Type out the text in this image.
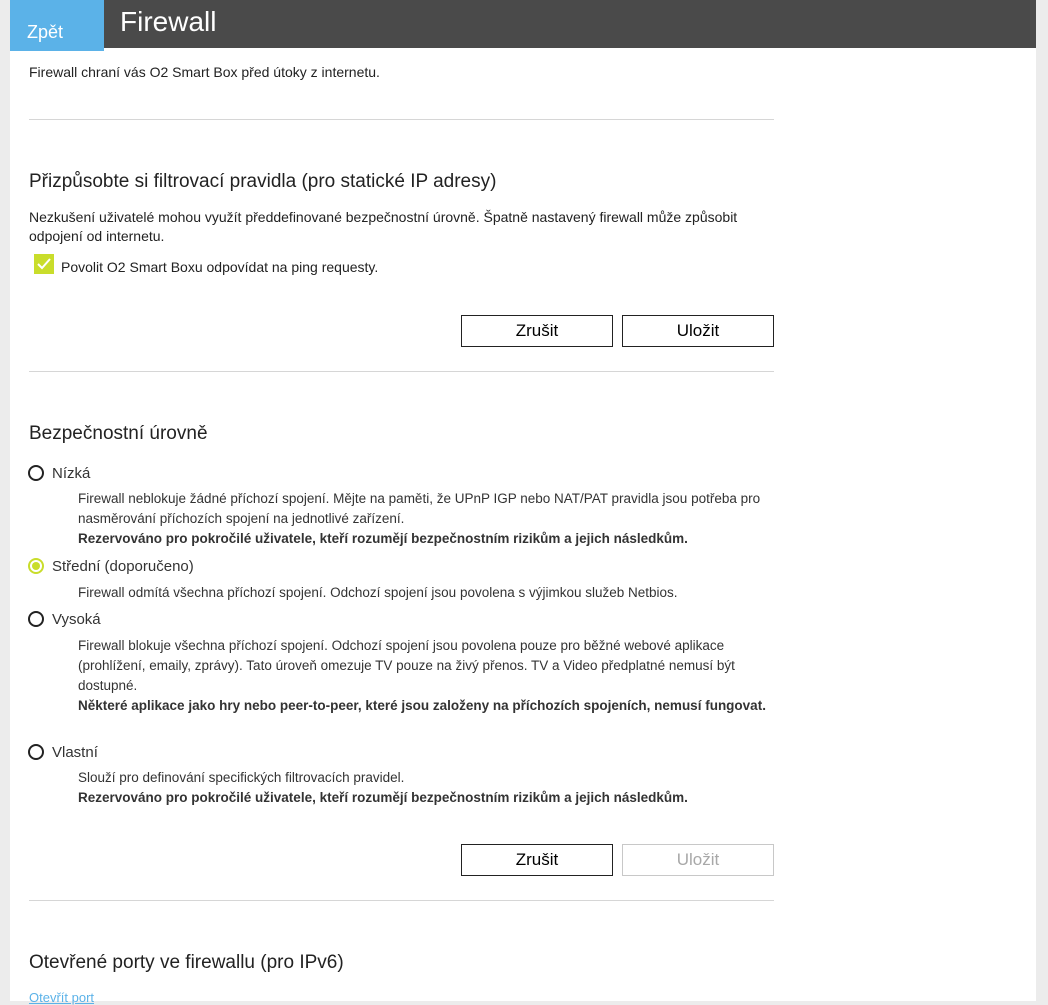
Firewall
Zpět
Firewall chraní vás O2 Smart Box před útoky z internetu.
Přizpůsobte si filtrovací pravidla (pro statické IP adresy)
Nezkušení uživatelé mohou využít předdefinované bezpečnostní úrovně. Špatně nastavený firewall může způsobit odpojení od internetu.
Povolit O2 Smart Boxu odpovídat na ping requesty.
Zrušit	Uložit
Bezpečnostní úrovně
Nízká
Firewall neblokuje žádné příchozí spojení. Mějte na paměti, že UPnP IGP nebo NAT/PAT pravidla jsou potřeba pro nasměrování příchozích spojení na jednotlivé zařízení.
Rezervováno pro pokročilé uživatele, kteří rozumějí bezpečnostním rizikům a jejich následkům.
Střední (doporučeno)
Firewall odmítá všechna příchozí spojení. Odchozí spojení jsou povolena s výjimkou služeb Netbios.
Vysoká
Firewall blokuje všechna příchozí spojení. Odchozí spojení jsou povolena pouze pro běžné webové aplikace (prohlížení, emaily, zprávy). Tato úroveň omezuje TV pouze na živý přenos. TV a Video předplatné nemusí být dostupné.
Některé aplikace jako hry nebo peer-to-peer, které jsou založeny na příchozích spojeních, nemusí fungovat.
Vlastní
Slouží pro definování specifických filtrovacích pravidel.
Rezervováno pro pokročilé uživatele, kteří rozumějí bezpečnostním rizikům a jejich následkům.
Zrušit	Uložit
Otevřené porty ve firewallu (pro IPv6)
Otevřít port
